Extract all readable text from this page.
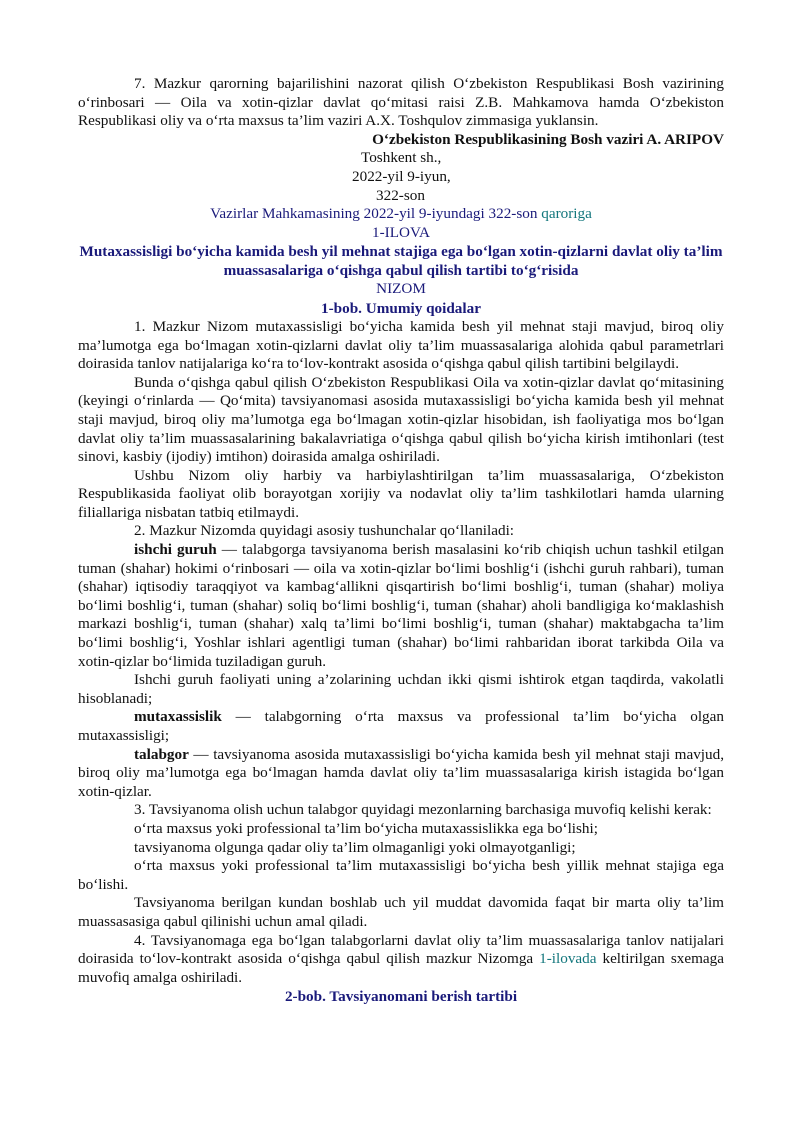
7. Mazkur qarorning bajarilishini nazorat qilish O‘zbekiston Respublikasi Bosh vazirining o‘rinbosari — Oila va xotin-qizlar davlat qo‘mitasi raisi Z.B. Mahkamova hamda O‘zbekiston Respublikasi oliy va o‘rta maxsus ta’lim vaziri A.X. Toshqulov zimmasiga yuklansin.

O‘zbekiston Respublikasining Bosh vaziri A. ARIPOV

Toshkent sh.,
2022-yil 9-iyun,
322-son

Vazirlar Mahkamasining 2022-yil 9-iyundagi 322-son qaroriga

1-ILOVA

Mutaxassisligi bo‘yicha kamida besh yil mehnat stajiga ega bo‘lgan xotin-qizlarni davlat oliy ta’lim muassasalariga o‘qishga qabul qilish tartibi to‘g‘risida

NIZOM

1-bob. Umumiy qoidalar

1. Mazkur Nizom mutaxassisligi bo‘yicha kamida besh yil mehnat staji mavjud, biroq oliy ma’lumotga ega bo‘lmagan xotin-qizlarni davlat oliy ta’lim muassasalariga alohida qabul parametrlari doirasida tanlov natijalariga ko‘ra to‘lov-kontrakt asosida o‘qishga qabul qilish tartibini belgilaydi.

Bunda o‘qishga qabul qilish O‘zbekiston Respublikasi Oila va xotin-qizlar davlat qo‘mitasining (keyingi o‘rinlarda — Qo‘mita) tavsiyanomasi asosida mutaxassisligi bo‘yicha kamida besh yil mehnat staji mavjud, biroq oliy ma’lumotga ega bo‘lmagan xotin-qizlar hisobidan, ish faoliyatiga mos bo‘lgan davlat oliy ta’lim muassasalarining bakalavriatiga o‘qishga qabul qilish bo‘yicha kirish imtihonlari (test sinovi, kasbiy (ijodiy) imtihon) doirasida amalga oshiriladi.

Ushbu Nizom oliy harbiy va harbiylashtirilgan ta’lim muassasalariga, O‘zbekiston Respublikasida faoliyat olib borayotgan xorijiy va nodavlat oliy ta’lim tashkilotlari hamda ularning filiallariga nisbatan tatbiq etilmaydi.

2. Mazkur Nizomda quyidagi asosiy tushunchalar qo‘llaniladi:

ishchi guruh — talabgorga tavsiyanoma berish masalasini ko‘rib chiqish uchun tashkil etilgan tuman (shahar) hokimi o‘rinbosari — oila va xotin-qizlar bo‘limi boshlig‘i (ishchi guruh rahbari), tuman (shahar) iqtisodiy taraqqiyot va kambag‘allikni qisqartirish bo‘limi boshlig‘i, tuman (shahar) moliya bo‘limi boshlig‘i, tuman (shahar) soliq bo‘limi boshlig‘i, tuman (shahar) aholi bandligiga ko‘maklashish markazi boshlig‘i, tuman (shahar) xalq ta’limi bo‘limi boshlig‘i, tuman (shahar) maktabgacha ta’lim bo‘limi boshlig‘i, Yoshlar ishlari agentligi tuman (shahar) bo‘limi rahbaridan iborat tarkibda Oila va xotin-qizlar bo‘limida tuziladigan guruh.

Ishchi guruh faoliyati uning a’zolarining uchdan ikki qismi ishtirok etgan taqdirda, vakolatli hisoblanadi;

mutaxassislik — talabgorning o‘rta maxsus va professional ta’lim bo‘yicha olgan mutaxassisligi;

talabgor — tavsiyanoma asosida mutaxassisligi bo‘yicha kamida besh yil mehnat staji mavjud, biroq oliy ma’lumotga ega bo‘lmagan hamda davlat oliy ta’lim muassasalariga kirish istagida bo‘lgan xotin-qizlar.

3. Tavsiyanoma olish uchun talabgor quyidagi mezonlarning barchasiga muvofiq kelishi kerak:

o‘rta maxsus yoki professional ta’lim bo‘yicha mutaxassislikka ega bo‘lishi;

tavsiyanoma olgunga qadar oliy ta’lim olmaganligi yoki olmayotganligi;

o‘rta maxsus yoki professional ta’lim mutaxassisligi bo‘yicha besh yillik mehnat stajiga ega bo‘lishi.

Tavsiyanoma berilgan kundan boshlab uch yil muddat davomida faqat bir marta oliy ta’lim muassasasiga qabul qilinishi uchun amal qiladi.

4. Tavsiyanomaga ega bo‘lgan talabgorlarni davlat oliy ta’lim muassasalariga tanlov natijalari doirasida to‘lov-kontrakt asosida o‘qishga qabul qilish mazkur Nizomga 1-ilovada keltirilgan sxemaga muvofiq amalga oshiriladi.

2-bob. Tavsiyanomani berish tartibi
